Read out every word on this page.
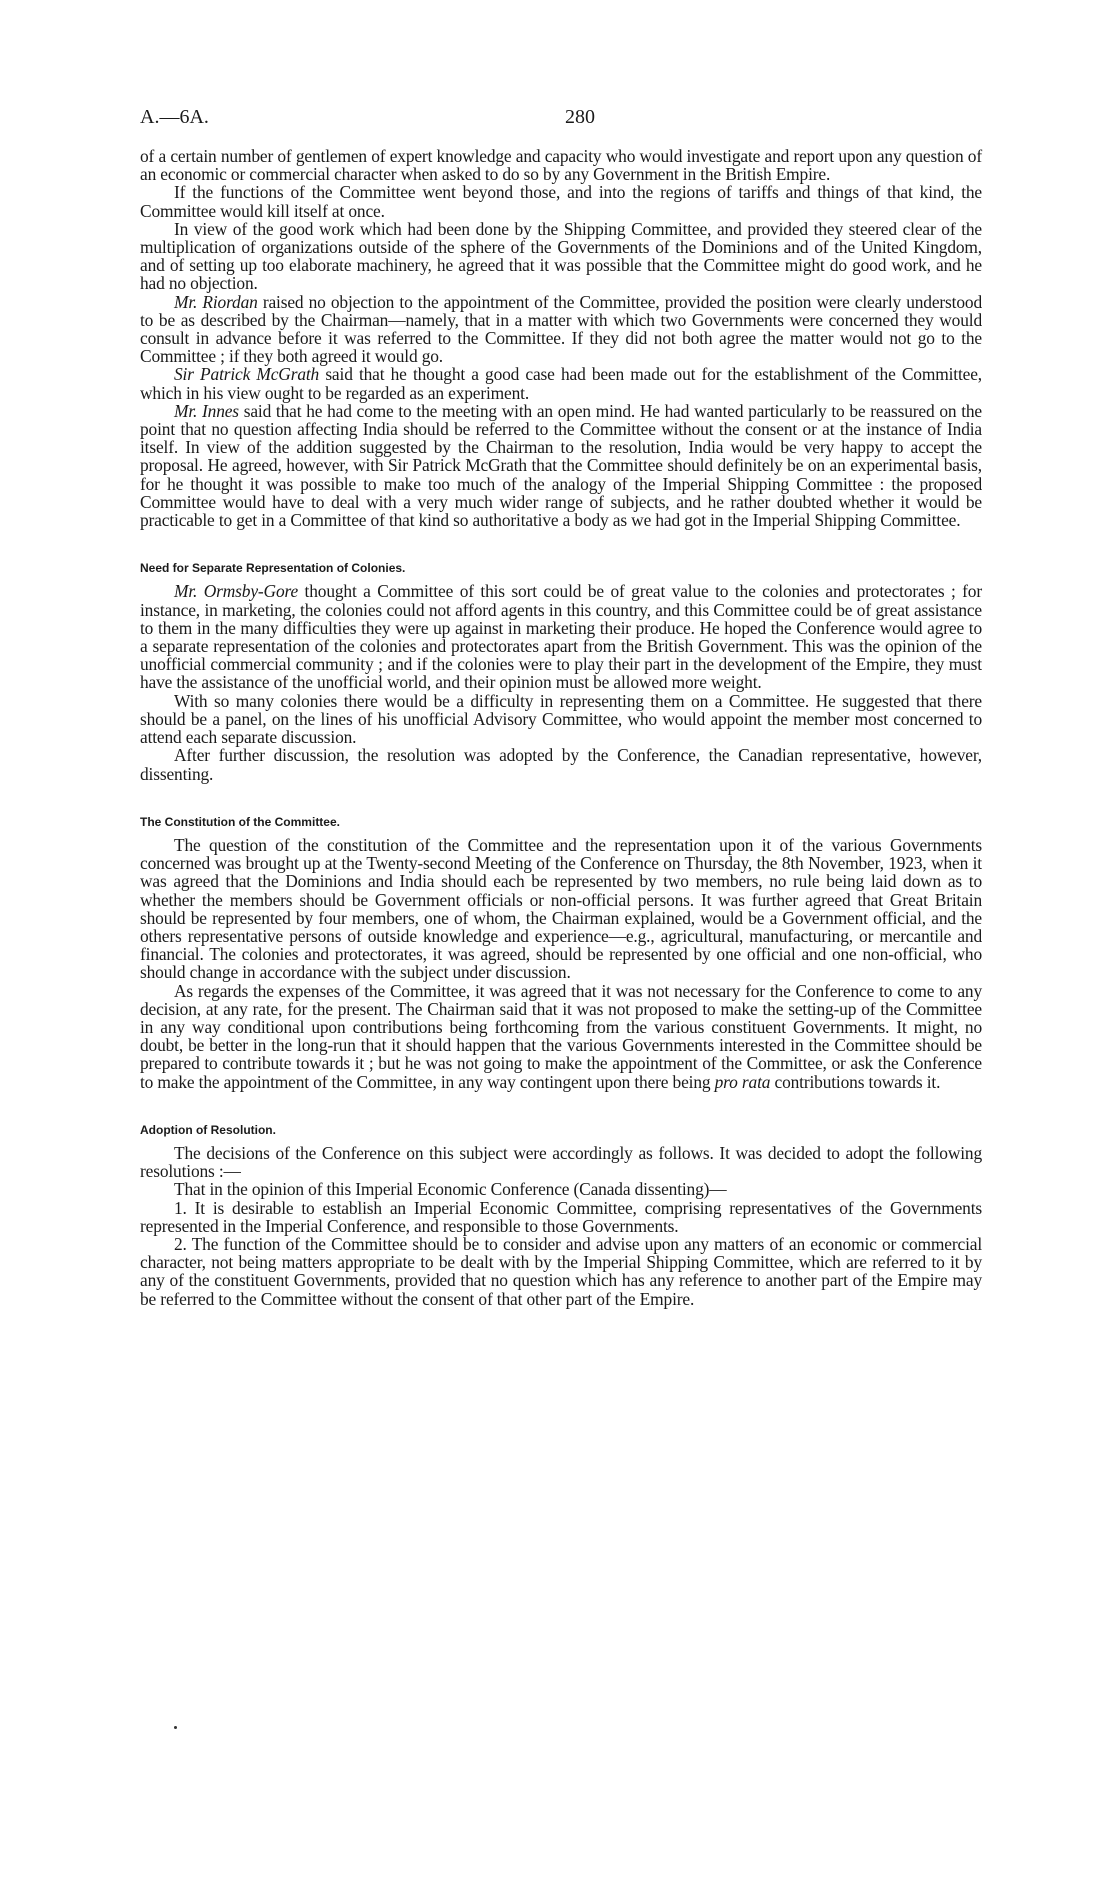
A.—6A.	280

of a certain number of gentlemen of expert knowledge and capacity who would investigate and report upon any question of an economic or commercial character when asked to do so by any Government in the British Empire.

If the functions of the Committee went beyond those, and into the regions of tariffs and things of that kind, the Committee would kill itself at once.

In view of the good work which had been done by the Shipping Committee, and provided they steered clear of the multiplication of organizations outside of the sphere of the Governments of the Dominions and of the United Kingdom, and of setting up too elaborate machinery, he agreed that it was possible that the Committee might do good work, and he had no objection.

Mr. Riordan raised no objection to the appointment of the Committee, provided the position were clearly understood to be as described by the Chairman—namely, that in a matter with which two Governments were concerned they would consult in advance before it was referred to the Committee. If they did not both agree the matter would not go to the Committee ; if they both agreed it would go.

Sir Patrick McGrath said that he thought a good case had been made out for the establishment of the Committee, which in his view ought to be regarded as an experiment.

Mr. Innes said that he had come to the meeting with an open mind. He had wanted particularly to be reassured on the point that no question affecting India should be referred to the Committee without the consent or at the instance of India itself. In view of the addition suggested by the Chairman to the resolution, India would be very happy to accept the proposal. He agreed, however, with Sir Patrick McGrath that the Committee should definitely be on an experimental basis, for he thought it was possible to make too much of the analogy of the Imperial Shipping Committee : the proposed Committee would have to deal with a very much wider range of subjects, and he rather doubted whether it would be practicable to get in a Committee of that kind so authoritative a body as we had got in the Imperial Shipping Committee.

Need for Separate Representation of Colonies.

Mr. Ormsby-Gore thought a Committee of this sort could be of great value to the colonies and protectorates ; for instance, in marketing, the colonies could not afford agents in this country, and this Committee could be of great assistance to them in the many difficulties they were up against in marketing their produce. He hoped the Conference would agree to a separate representation of the colonies and protectorates apart from the British Government. This was the opinion of the unofficial commercial community ; and if the colonies were to play their part in the development of the Empire, they must have the assistance of the unofficial world, and their opinion must be allowed more weight.

With so many colonies there would be a difficulty in representing them on a Committee. He suggested that there should be a panel, on the lines of his unofficial Advisory Committee, who would appoint the member most concerned to attend each separate discussion.

After further discussion, the resolution was adopted by the Conference, the Canadian representative, however, dissenting.

The Constitution of the Committee.

The question of the constitution of the Committee and the representation upon it of the various Governments concerned was brought up at the Twenty-second Meeting of the Conference on Thursday, the 8th November, 1923, when it was agreed that the Dominions and India should each be represented by two members, no rule being laid down as to whether the members should be Government officials or non-official persons. It was further agreed that Great Britain should be represented by four members, one of whom, the Chairman explained, would be a Government official, and the others representative persons of outside knowledge and experience—e.g., agricultural, manufacturing, or mercantile and financial. The colonies and protectorates, it was agreed, should be represented by one official and one non-official, who should change in accordance with the subject under discussion.

As regards the expenses of the Committee, it was agreed that it was not necessary for the Conference to come to any decision, at any rate, for the present. The Chairman said that it was not proposed to make the setting-up of the Committee in any way conditional upon contributions being forthcoming from the various constituent Governments. It might, no doubt, be better in the long-run that it should happen that the various Governments interested in the Committee should be prepared to contribute towards it ; but he was not going to make the appointment of the Committee, or ask the Conference to make the appointment of the Committee, in any way contingent upon there being pro rata contributions towards it.

Adoption of Resolution.

The decisions of the Conference on this subject were accordingly as follows. It was decided to adopt the following resolutions :—

That in the opinion of this Imperial Economic Conference (Canada dissenting)—

1. It is desirable to establish an Imperial Economic Committee, comprising representatives of the Governments represented in the Imperial Conference, and responsible to those Governments.

2. The function of the Committee should be to consider and advise upon any matters of an economic or commercial character, not being matters appropriate to be dealt with by the Imperial Shipping Committee, which are referred to it by any of the constituent Governments, provided that no question which has any reference to another part of the Empire may be referred to the Committee without the consent of that other part of the Empire.
